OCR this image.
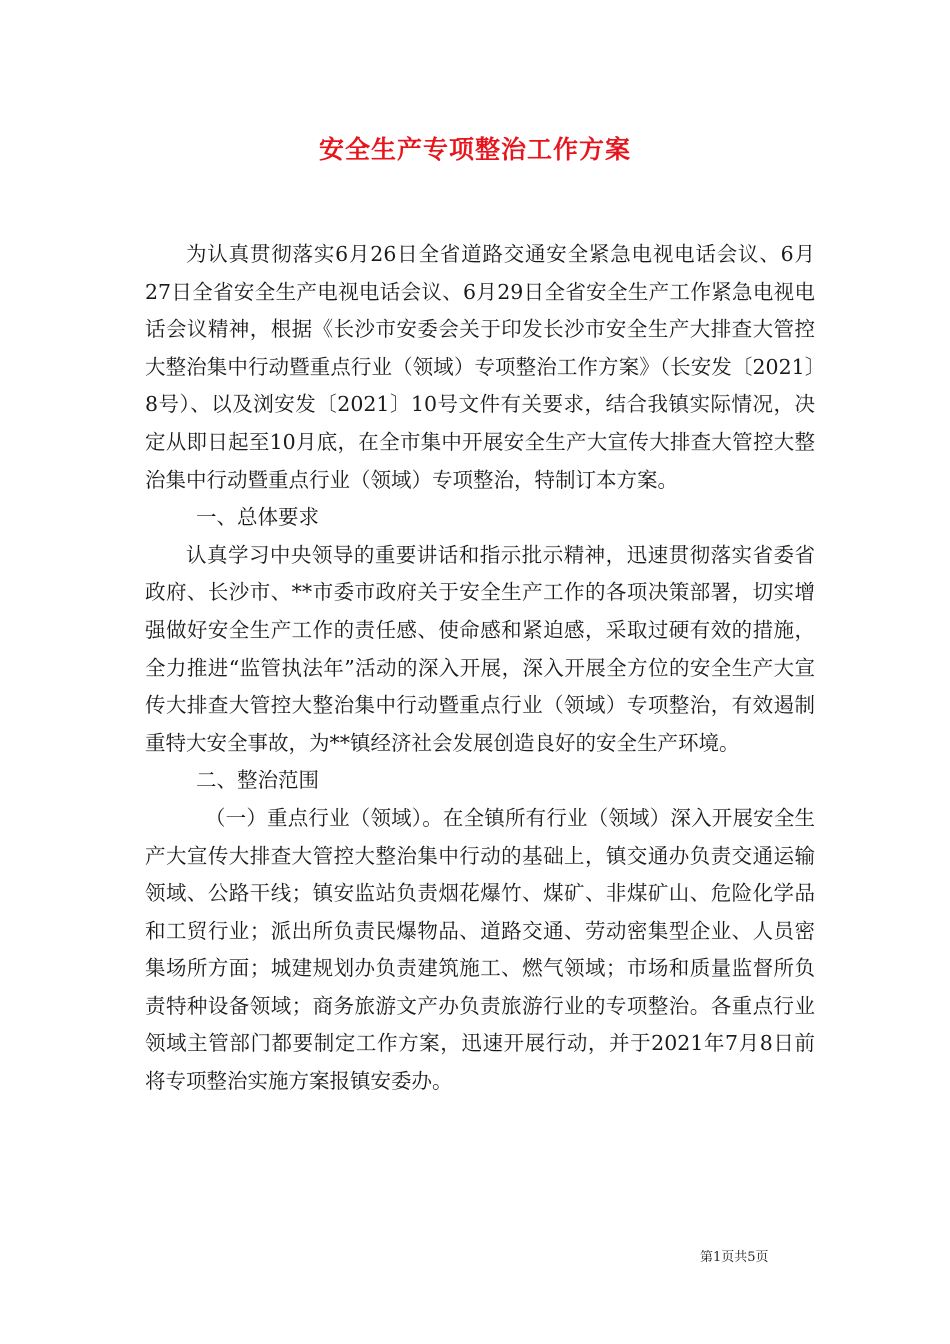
安全生产专项整治工作方案

为认真贯彻落实6月26日全省道路交通安全紧急电视电话会议、6月27日全省安全生产电视电话会议、6月29日全省安全生产工作紧急电视电话会议精神，根据《长沙市安委会关于印发长沙市安全生产大排查大管控大整治集中行动暨重点行业（领域）专项整治工作方案》（长安发〔2021〕8号）、以及浏安发〔2021〕10号文件有关要求，结合我镇实际情况，决定从即日起至10月底，在全市集中开展安全生产大宣传大排查大管控大整治集中行动暨重点行业（领域）专项整治，特制订本方案。

一、总体要求

认真学习中央领导的重要讲话和指示批示精神，迅速贯彻落实省委省政府、长沙市、**市委市政府关于安全生产工作的各项决策部署，切实增强做好安全生产工作的责任感、使命感和紧迫感，采取过硬有效的措施，全力推进“监管执法年”活动的深入开展，深入开展全方位的安全生产大宣传大排查大管控大整治集中行动暨重点行业（领域）专项整治，有效遏制重特大安全事故，为**镇经济社会发展创造良好的安全生产环境。

二、整治范围

（一）重点行业（领域）。在全镇所有行业（领域）深入开展安全生产大宣传大排查大管控大整治集中行动的基础上，镇交通办负责交通运输领域、公路干线；镇安监站负责烟花爆竹、煤矿、非煤矿山、危险化学品和工贸行业；派出所负责民爆物品、道路交通、劳动密集型企业、人员密集场所方面；城建规划办负责建筑施工、燃气领域；市场和质量监督所负责特种设备领域；商务旅游文产办负责旅游行业的专项整治。各重点行业领域主管部门都要制定工作方案，迅速开展行动，并于2021年7月8日前将专项整治实施方案报镇安委办。

第1页共5页
